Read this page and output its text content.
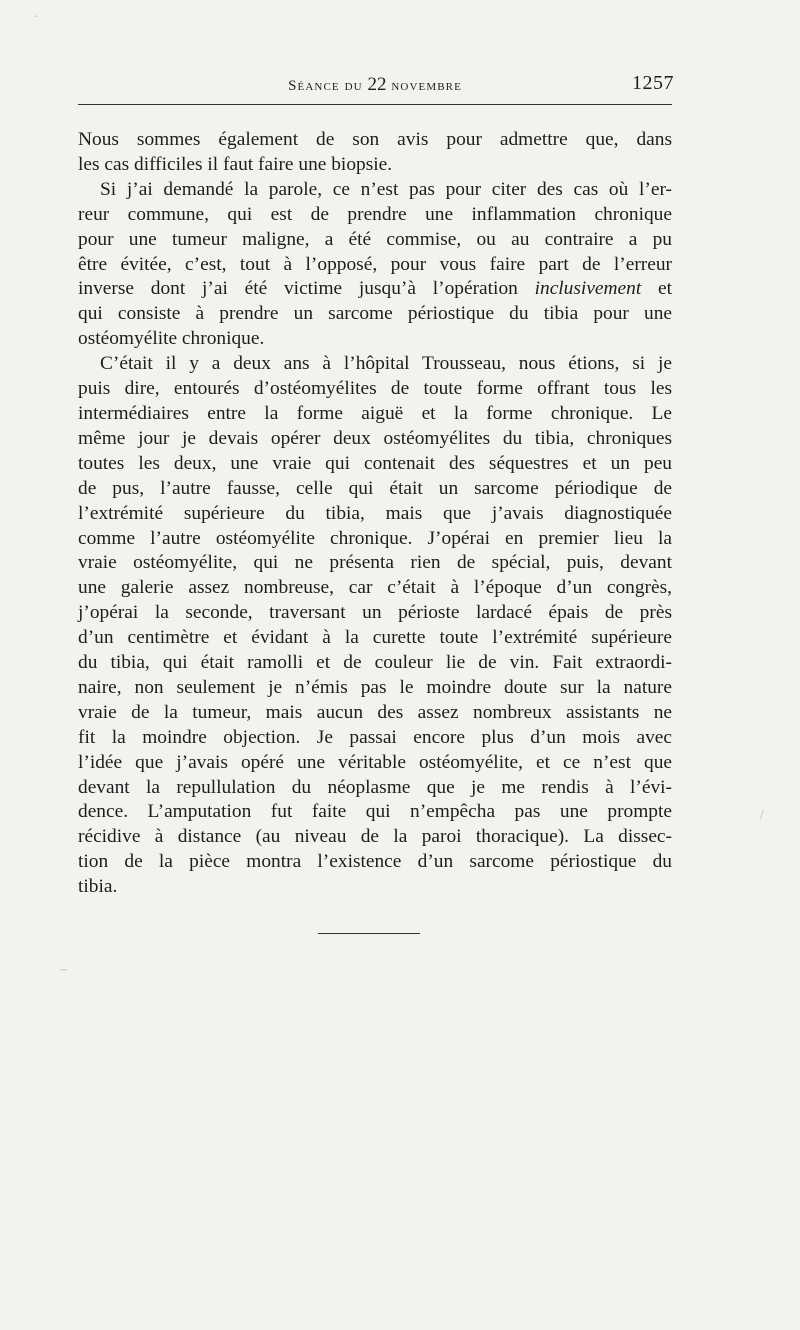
Séance du 22 novembre	1257

Nous sommes également de son avis pour admettre que, dans
les cas difficiles il faut faire une biopsie.

Si j’ai demandé la parole, ce n’est pas pour citer des cas où l’er-
reur commune, qui est de prendre une inflammation chronique
pour une tumeur maligne, a été commise, ou au contraire a pu
être évitée, c’est, tout à l’opposé, pour vous faire part de l’erreur
inverse dont j’ai été victime jusqu’à l’opération inclusivement et
qui consiste à prendre un sarcome périostique du tibia pour une
ostéomyélite chronique.

C’était il y a deux ans à l’hôpital Trousseau, nous étions, si je
puis dire, entourés d’ostéomyélites de toute forme offrant tous les
intermédiaires entre la forme aiguë et la forme chronique. Le
même jour je devais opérer deux ostéomyélites du tibia, chroniques
toutes les deux, une vraie qui contenait des séquestres et un peu
de pus, l’autre fausse, celle qui était un sarcome périodique de
l’extrémité supérieure du tibia, mais que j’avais diagnostiquée
comme l’autre ostéomyélite chronique. J’opérai en premier lieu la
vraie ostéomyélite, qui ne présenta rien de spécial, puis, devant
une galerie assez nombreuse, car c’était à l’époque d’un congrès,
j’opérai la seconde, traversant un périoste lardacé épais de près
d’un centimètre et évidant à la curette toute l’extrémité supérieure
du tibia, qui était ramolli et de couleur lie de vin. Fait extraordi-
naire, non seulement je n’émis pas le moindre doute sur la nature
vraie de la tumeur, mais aucun des assez nombreux assistants ne
fit la moindre objection. Je passai encore plus d’un mois avec
l’idée que j’avais opéré une véritable ostéomyélite, et ce n’est que
devant la repullulation du néoplasme que je me rendis à l’évi-
dence. L’amputation fut faite qui n’empêcha pas une prompte
récidive à distance (au niveau de la paroi thoracique). La dissec-
tion de la pièce montra l’existence d’un sarcome périostique du
tibia.

·
–
/
